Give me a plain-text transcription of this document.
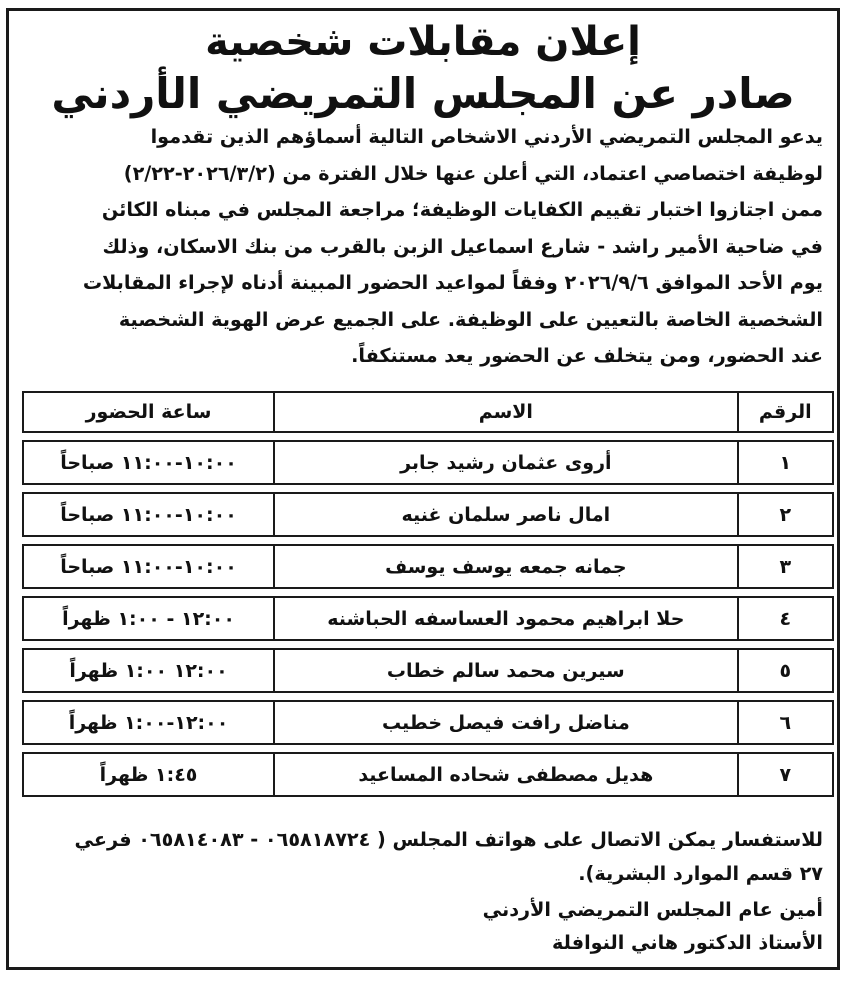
إعلان مقابلات شخصية
صادر عن المجلس التمريضي الأردني
يدعو المجلس التمريضي الأردني الاشخاص التالية أسماؤهم الذين تقدموا
لوظيفة اختصاصي اعتماد، التي أعلن عنها خلال الفترة من (٢٠٢٦/٣/٢-٢/٢٢)
ممن اجتازوا اختبار تقييم الكفايات الوظيفة؛ مراجعة المجلس في مبناه الكائن
في ضاحية الأمير راشد - شارع اسماعيل الزبن بالقرب من بنك الاسكان، وذلك
يوم الأحد الموافق ٢٠٢٦/٩/٦ وفقاً لمواعيد الحضور المبينة أدناه لإجراء المقابلات
الشخصية الخاصة بالتعيين على الوظيفة. على الجميع عرض الهوية الشخصية
عند الحضور، ومن يتخلف عن الحضور يعد مستنكفاً.
الرقم	الاسم	ساعة الحضور
١	أروى عثمان رشيد جابر	١٠:٠٠-١١:٠٠ صباحاً
٢	امال ناصر سلمان غنيه	١٠:٠٠-١١:٠٠ صباحاً
٣	جمانه جمعه يوسف يوسف	١٠:٠٠-١١:٠٠ صباحاً
٤	حلا ابراهيم محمود العساسفه الحباشنه	١٢:٠٠ - ١:٠٠ ظهراً
٥	سيرين محمد سالم خطاب	١٢:٠٠ ١:٠٠ ظهراً
٦	مناضل رافت فيصل خطيب	١٢:٠٠-١:٠٠ ظهراً
٧	هديل مصطفى شحاده المساعيد	١:٤٥ ظهراً
للاستفسار يمكن الاتصال على هواتف المجلس ( ٠٦٥٨١٨٧٢٤ - ٠٦٥٨١٤٠٨٣ فرعي
٢٧ قسم الموارد البشرية).
أمين عام المجلس التمريضي الأردني
الأستاذ الدكتور هاني النوافلة
